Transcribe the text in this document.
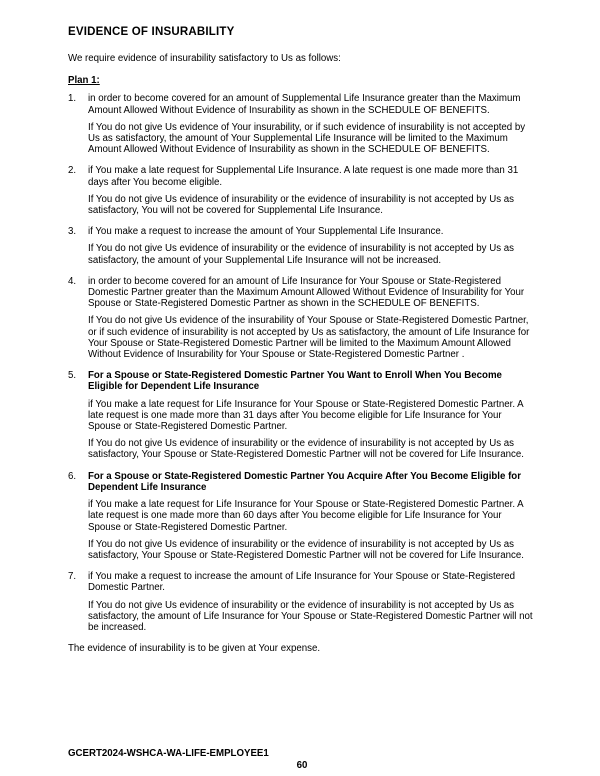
EVIDENCE OF INSURABILITY

We require evidence of insurability satisfactory to Us as follows:

Plan 1:

1.	in order to become covered for an amount of Supplemental Life Insurance greater than the Maximum Amount Allowed Without Evidence of Insurability as shown in the SCHEDULE OF BENEFITS.

If You do not give Us evidence of Your insurability, or if such evidence of insurability is not accepted by Us as satisfactory, the amount of Your Supplemental Life Insurance will be limited to the Maximum Amount Allowed Without Evidence of Insurability as shown in the SCHEDULE OF BENEFITS.

2.	if You make a late request for Supplemental Life Insurance. A late request is one made more than 31 days after You become eligible.

If You do not give Us evidence of insurability or the evidence of insurability is not accepted by Us as satisfactory, You will not be covered for Supplemental Life Insurance.

3.	if You make a request to increase the amount of Your Supplemental Life Insurance.

If You do not give Us evidence of insurability or the evidence of insurability is not accepted by Us as satisfactory, the amount of your Supplemental Life Insurance will not be increased.

4.	in order to become covered for an amount of Life Insurance for Your Spouse or State-Registered Domestic Partner greater than the Maximum Amount Allowed Without Evidence of Insurability for Your Spouse or State-Registered Domestic Partner as shown in the SCHEDULE OF BENEFITS.

If You do not give Us evidence of the insurability of Your Spouse or State-Registered Domestic Partner, or if such evidence of insurability is not accepted by Us as satisfactory, the amount of Life Insurance for Your Spouse or State-Registered Domestic Partner will be limited to the Maximum Amount Allowed Without Evidence of Insurability for Your Spouse or State-Registered Domestic Partner .

5.	For a Spouse or State-Registered Domestic Partner You Want to Enroll When You Become Eligible for Dependent Life Insurance

if You make a late request for Life Insurance for Your Spouse or State-Registered Domestic Partner. A late request is one made more than 31 days after You become eligible for Life Insurance for Your Spouse or State-Registered Domestic Partner.

If You do not give Us evidence of insurability or the evidence of insurability is not accepted by Us as satisfactory, Your Spouse or State-Registered Domestic Partner will not be covered for Life Insurance.

6.	For a Spouse or State-Registered Domestic Partner You Acquire After You Become Eligible for Dependent Life Insurance

if You make a late request for Life Insurance for Your Spouse or State-Registered Domestic Partner. A late request is one made more than 60 days after You become eligible for Life Insurance for Your Spouse or State-Registered Domestic Partner.

If You do not give Us evidence of insurability or the evidence of insurability is not accepted by Us as satisfactory, Your Spouse or State-Registered Domestic Partner will not be covered for Life Insurance.

7.	if You make a request to increase the amount of Life Insurance for Your Spouse or State-Registered Domestic Partner.

If You do not give Us evidence of insurability or the evidence of insurability is not accepted by Us as satisfactory, the amount of Life Insurance for Your Spouse or State-Registered Domestic Partner will not be increased.

The evidence of insurability is to be given at Your expense.

GCERT2024-WSHCA-WA-LIFE-EMPLOYEE1
60
